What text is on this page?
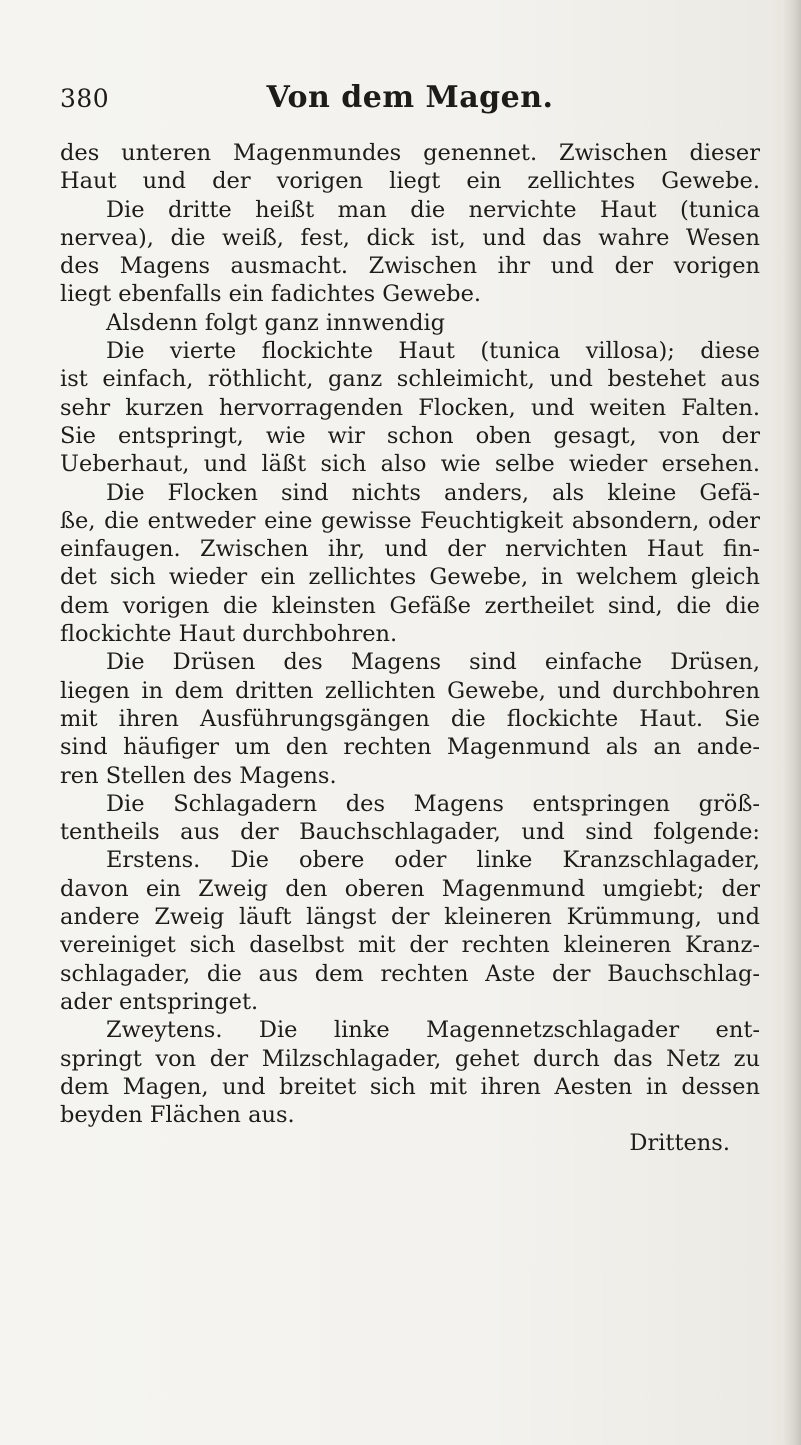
380	Von dem Magen.
des unteren Magenmundes genennet. Zwischen dieser
Haut und der vorigen liegt ein zellichtes Gewebe.
Die dritte heißt man die nervichte Haut (tunica
nervea), die weiß, fest, dick ist, und das wahre Wesen
des Magens ausmacht. Zwischen ihr und der vorigen
liegt ebenfalls ein fadichtes Gewebe.
Alsdenn folgt ganz innwendig
Die vierte flockichte Haut (tunica villosa); diese
ist einfach, röthlicht, ganz schleimicht, und bestehet aus
sehr kurzen hervorragenden Flocken, und weiten Falten.
Sie entspringt, wie wir schon oben gesagt, von der
Ueberhaut, und läßt sich also wie selbe wieder ersehen.
Die Flocken sind nichts anders, als kleine Gefä-
ße, die entweder eine gewisse Feuchtigkeit absondern, oder
einfaugen. Zwischen ihr, und der nervichten Haut fin-
det sich wieder ein zellichtes Gewebe, in welchem gleich
dem vorigen die kleinsten Gefäße zertheilet sind, die die
flockichte Haut durchbohren.
Die Drüsen des Magens sind einfache Drüsen,
liegen in dem dritten zellichten Gewebe, und durchbohren
mit ihren Ausführungsgängen die flockichte Haut. Sie
sind häufiger um den rechten Magenmund als an ande-
ren Stellen des Magens.
Die Schlagadern des Magens entspringen größ-
tentheils aus der Bauchschlagader, und sind folgende:
Erstens. Die obere oder linke Kranzschlagader,
davon ein Zweig den oberen Magenmund umgiebt; der
andere Zweig läuft längst der kleineren Krümmung, und
vereiniget sich daselbst mit der rechten kleineren Kranz-
schlagader, die aus dem rechten Aste der Bauchschlag-
ader entspringet.
Zweytens. Die linke Magennetzschlagader ent-
springt von der Milzschlagader, gehet durch das Netz zu
dem Magen, und breitet sich mit ihren Aesten in dessen
beyden Flächen aus.
Drittens.
